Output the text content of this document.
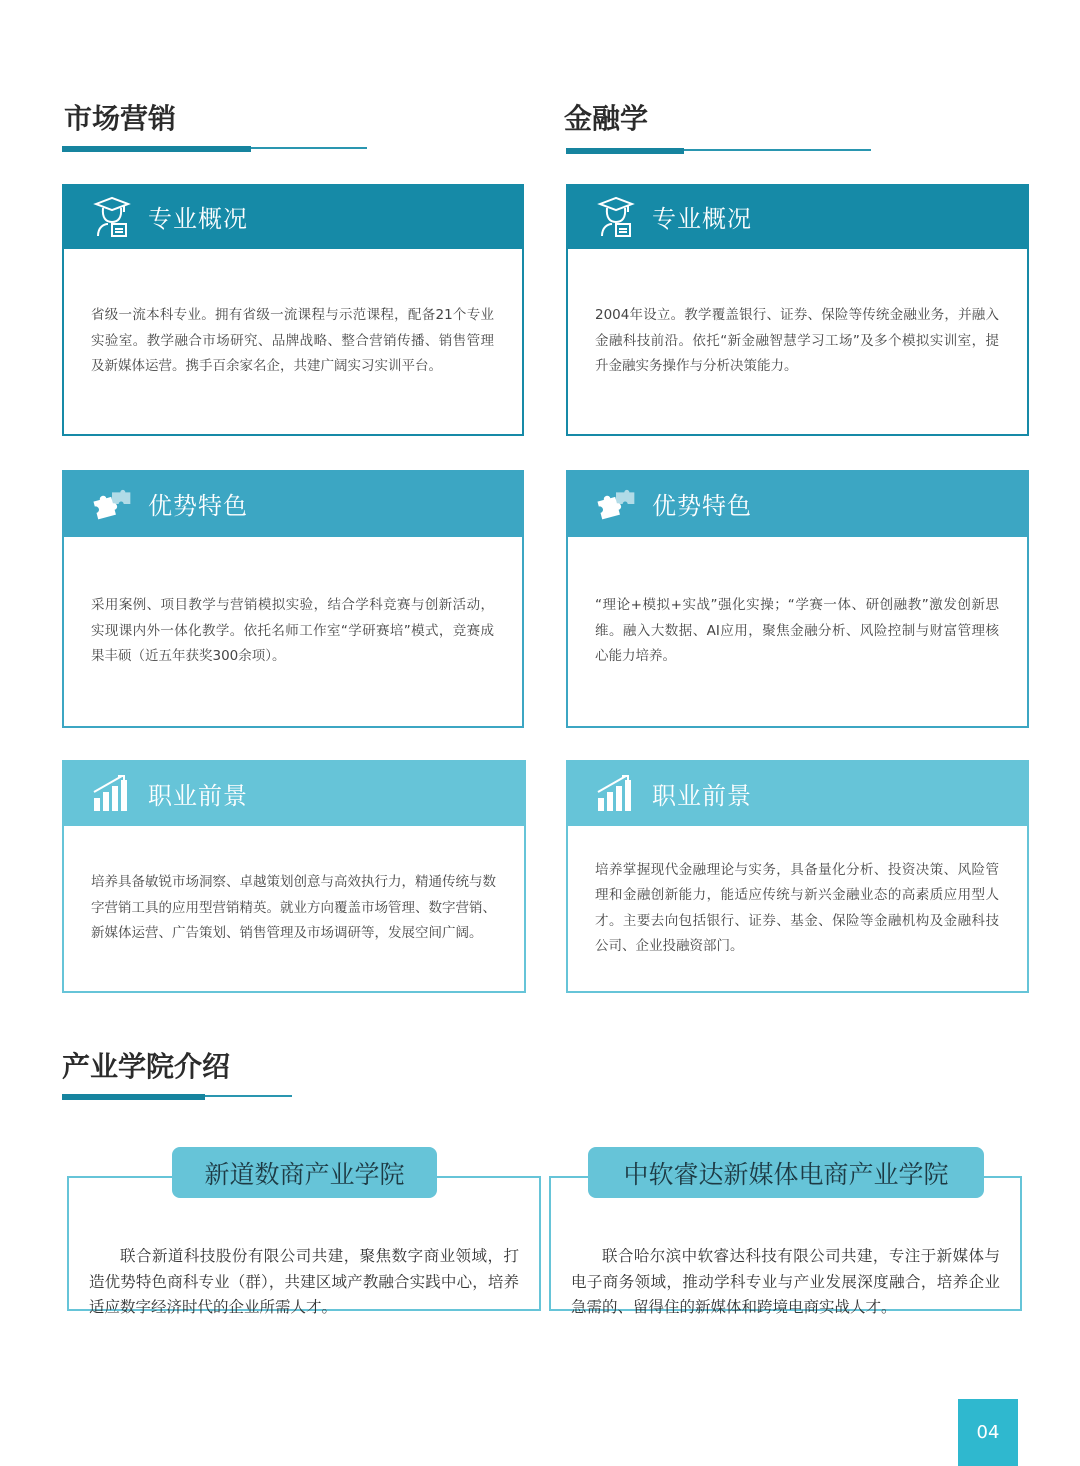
市场营销
专业概况

省级一流本科专业。拥有省级一流课程与示范课程，配备21个专业实验室。教学融合市场研究、品牌战略、整合营销传播、销售管理及新媒体运营。携手百余家名企，共建广阔实习实训平台。

优势特色

采用案例、项目教学与营销模拟实验，结合学科竞赛与创新活动，实现课内外一体化教学。依托名师工作室“学研赛培”模式，竞赛成果丰硕（近五年获奖300余项）。

职业前景

培养具备敏锐市场洞察、卓越策划创意与高效执行力，精通传统与数字营销工具的应用型营销精英。就业方向覆盖市场管理、数字营销、新媒体运营、广告策划、销售管理及市场调研等，发展空间广阔。

金融学
专业概况

2004年设立。教学覆盖银行、证券、保险等传统金融业务，并融入金融科技前沿。依托“新金融智慧学习工场”及多个模拟实训室，提升金融实务操作与分析决策能力。

优势特色

“理论+模拟+实战”强化实操；“学赛一体、研创融教”激发创新思维。融入大数据、AI应用，聚焦金融分析、风险控制与财富管理核心能力培养。

职业前景

培养掌握现代金融理论与实务，具备量化分析、投资决策、风险管理和金融创新能力，能适应传统与新兴金融业态的高素质应用型人才。主要去向包括银行、证券、基金、保险等金融机构及金融科技公司、企业投融资部门。

产业学院介绍

联合新道科技股份有限公司共建，聚焦数字商业领域，打造优势特色商科专业（群），共建区域产教融合实践中心，培养适应数字经济时代的企业所需人才。

新道数商产业学院

联合哈尔滨中软睿达科技有限公司共建，专注于新媒体与电子商务领域，推动学科专业与产业发展深度融合，培养企业急需的、留得住的新媒体和跨境电商实战人才。

中软睿达新媒体电商产业学院
04
